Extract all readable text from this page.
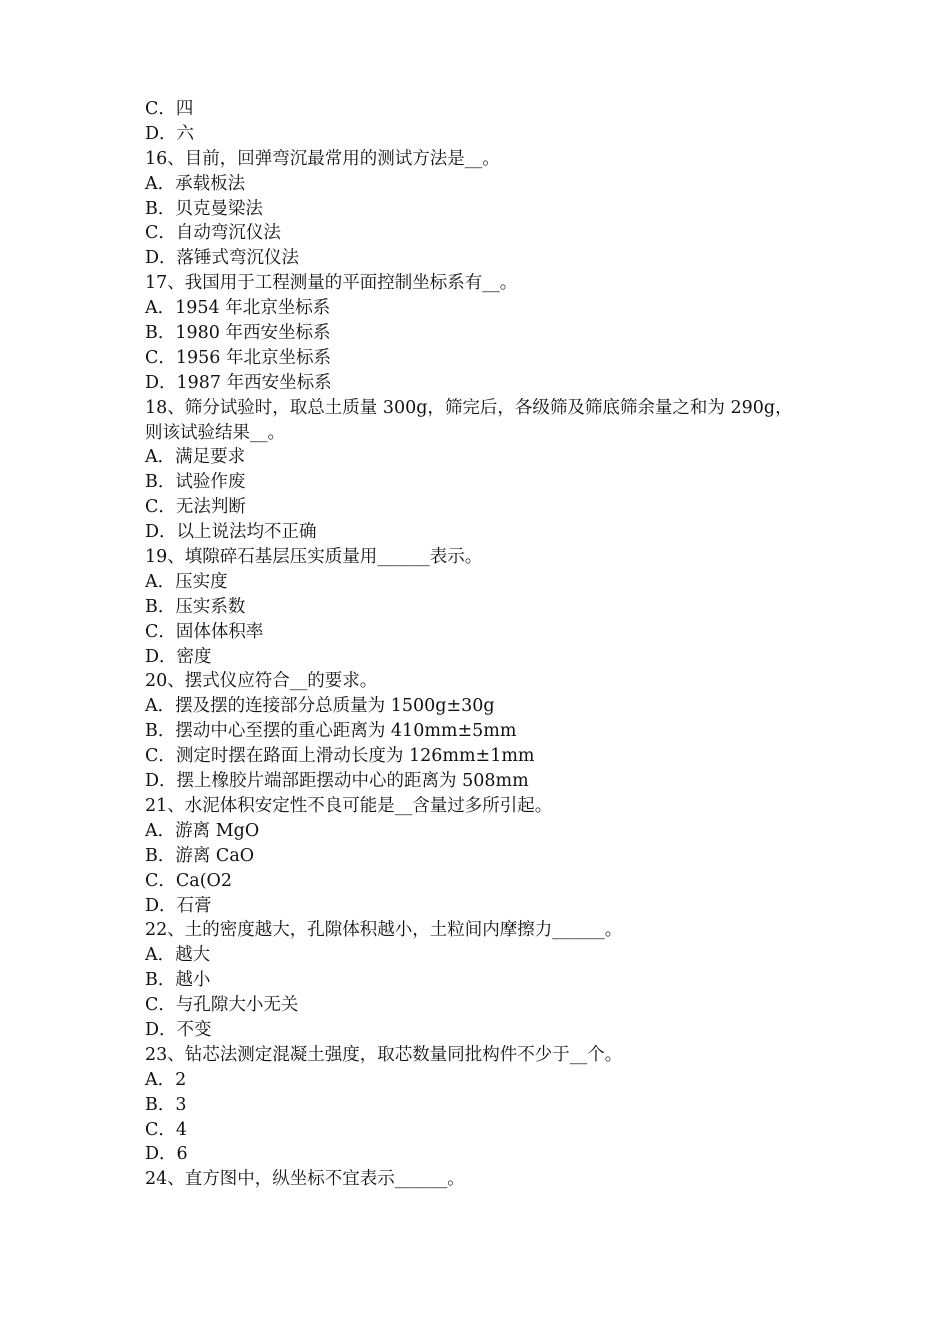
C．四
D．六
16、目前，回弹弯沉最常用的测试方法是__。
A．承载板法
B．贝克曼梁法
C．自动弯沉仪法
D．落锤式弯沉仪法
17、我国用于工程测量的平面控制坐标系有__。
A．1954 年北京坐标系
B．1980 年西安坐标系
C．1956 年北京坐标系
D．1987 年西安坐标系
18、筛分试验时，取总土质量 300g，筛完后，各级筛及筛底筛余量之和为 290g，
则该试验结果__。
A．满足要求
B．试验作废
C．无法判断
D．以上说法均不正确
19、填隙碎石基层压实质量用______表示。
A．压实度
B．压实系数
C．固体体积率
D．密度
20、摆式仪应符合__的要求。
A．摆及摆的连接部分总质量为 1500g±30g
B．摆动中心至摆的重心距离为 410mm±5mm
C．测定时摆在路面上滑动长度为 126mm±1mm
D．摆上橡胶片端部距摆动中心的距离为 508mm
21、水泥体积安定性不良可能是__含量过多所引起。
A．游离 MgO
B．游离 CaO
C．Ca(O2
D．石膏
22、土的密度越大，孔隙体积越小，土粒间内摩擦力______。
A．越大
B．越小
C．与孔隙大小无关
D．不变
23、钻芯法测定混凝土强度，取芯数量同批构件不少于__个。
A．2
B．3
C．4
D．6
24、直方图中，纵坐标不宜表示______。
